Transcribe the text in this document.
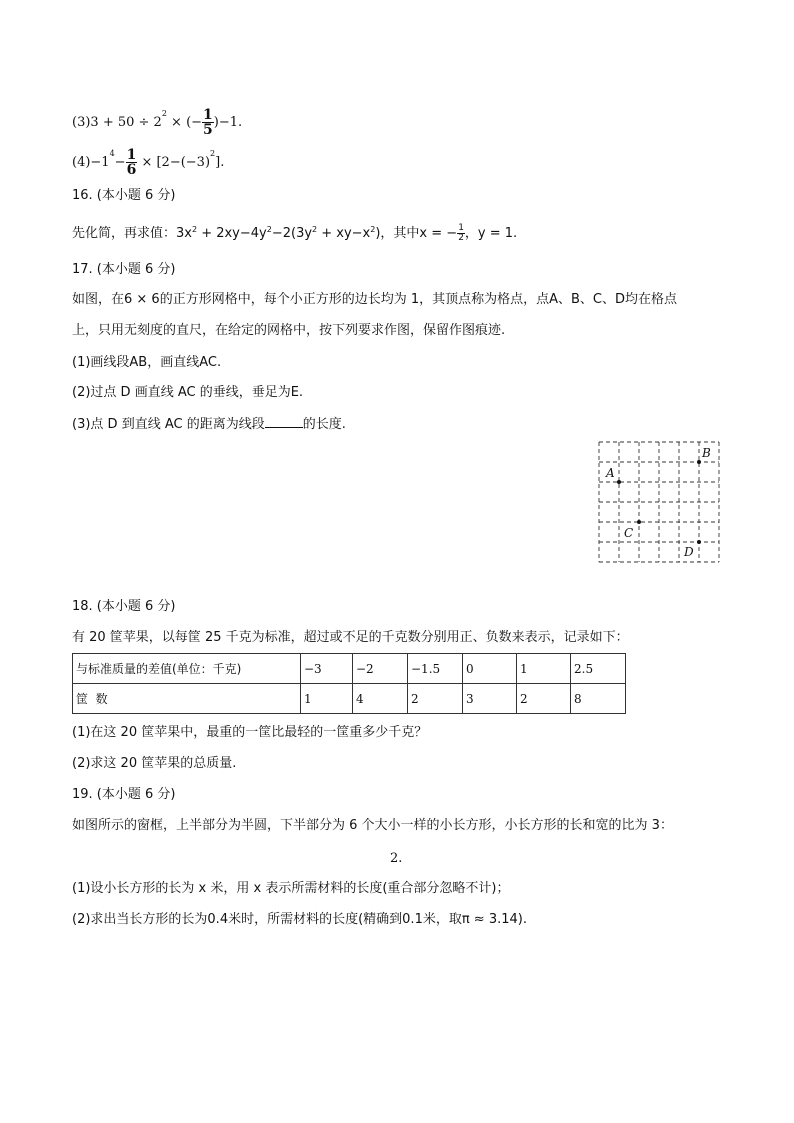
$(3)3 + 50 \div 2^2$ × (− $\frac{1}{5} )-1$.
$(4)-1^4- \frac{1}{6} \times [2-(-3)^2]$.
16. (本小题 6 分)
先化简，再求值：$3x^2 + 2xy-4y^2-2(3y^2 + xy-x^2)$，其中x = − $\frac{1}{2}$ ，y = 1.
17. (本小题 6 分)
如图，在6 × 6的正方形网格中，每个小正方形的边长均为 1，其顶点称为格点，点A、B、C、D均在格点
上，只用无刻度的直尺，在给定的网格中，按下列要求作图，保留作图痕迹.
(1)画线段AB，画直线AC.
(2)过点 D 画直线 AC 的垂线，垂足为E.
(3)点 D 到直线 AC 的距离为线段	的长度.
A
B
C
D
18. (本小题 6 分)
有 20 筐苹果，以每筐 25 千克为标准，超过或不足的千克数分别用正、负数来表示，记录如下：
与标准质量的差值(单位：千克)	−3	−2	−1.5	0	1	2.5
筐  数	1	4	2	3	2	8
(1)在这 20 筐苹果中，最重的一筐比最轻的一筐重多少千克？
(2)求这 20 筐苹果的总质量.
19. (本小题 6 分)
如图所示的窗框，上半部分为半圆，下半部分为 6 个大小一样的小长方形，小长方形的长和宽的比为 3：
2.
(1)设小长方形的长为 x 米，用 x 表示所需材料的长度(重合部分忽略不计)；
(2)求出当长方形的长为0.4米时，所需材料的长度(精确到0.1米，取π ≈ 3.14).
